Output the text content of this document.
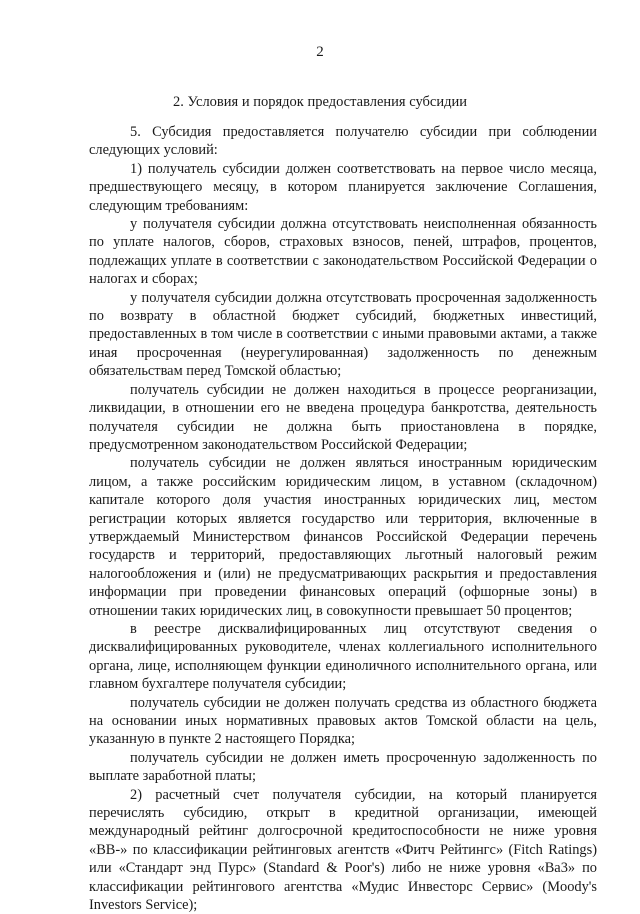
2
2. Условия и порядок предоставления субсидии

5. Субсидия предоставляется получателю субсидии при соблюдении следующих условий:

1) получатель субсидии должен соответствовать на первое число месяца, предшествующего месяцу, в котором планируется заключение Соглашения, следующим требованиям:

у получателя субсидии должна отсутствовать неисполненная обязанность по уплате налогов, сборов, страховых взносов, пеней, штрафов, процентов, подлежащих уплате в соответствии с законодательством Российской Федерации о налогах и сборах;

у получателя субсидии должна отсутствовать просроченная задолженность по возврату в областной бюджет субсидий, бюджетных инвестиций, предоставленных в том числе в соответствии с иными правовыми актами, а также иная просроченная (неурегулированная) задолженность по денежным обязательствам перед Томской областью;

получатель субсидии не должен находиться в процессе реорганизации, ликвидации, в отношении его не введена процедура банкротства, деятельность получателя субсидии не должна быть приостановлена в порядке, предусмотренном законодательством Российской Федерации;

получатель субсидии не должен являться иностранным юридическим лицом, а также российским юридическим лицом, в уставном (складочном) капитале которого доля участия иностранных юридических лиц, местом регистрации которых является государство или территория, включенные в утверждаемый Министерством финансов Российской Федерации перечень государств и территорий, предоставляющих льготный налоговый режим налогообложения и (или) не предусматривающих раскрытия и предоставления информации при проведении финансовых операций (офшорные зоны) в отношении таких юридических лиц, в совокупности превышает 50 процентов;

в реестре дисквалифицированных лиц отсутствуют сведения о дисквалифицированных руководителе, членах коллегиального исполнительного органа, лице, исполняющем функции единоличного исполнительного органа, или главном бухгалтере получателя субсидии;

получатель субсидии не должен получать средства из областного бюджета на основании иных нормативных правовых актов Томской области на цель, указанную в пункте 2 настоящего Порядка;

получатель субсидии не должен иметь просроченную задолженность по выплате заработной платы;

2) расчетный счет получателя субсидии, на который планируется перечислять субсидию, открыт в кредитной организации, имеющей международный рейтинг долгосрочной кредитоспособности не ниже уровня «BB-» по классификации рейтинговых агентств «Фитч Рейтингс» (Fitch Ratings) или «Стандарт энд Пурс» (Standard & Poor's) либо не ниже уровня «Ba3» по классификации рейтингового агентства «Мудис Инвесторс Сервис» (Moody's Investors Service);
